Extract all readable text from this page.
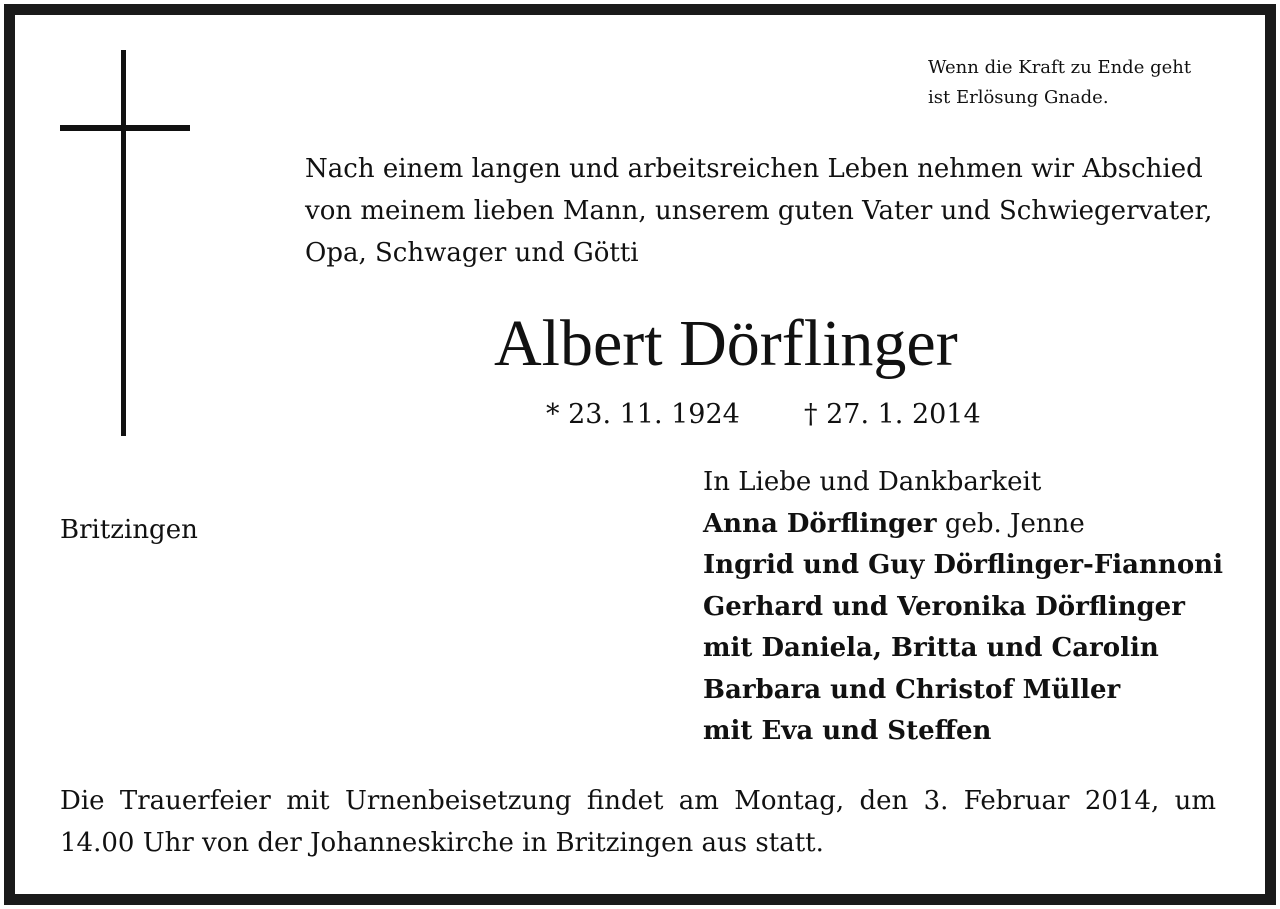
Wenn die Kraft zu Ende geht
ist Erlösung Gnade.
Nach einem langen und arbeitsreichen Leben nehmen wir Abschied
von meinem lieben Mann, unserem guten Vater und Schwiegervater,
Opa, Schwager und Götti
Albert Dörflinger
* 23. 11. 1924 † 27. 1. 2014
Britzingen
In Liebe und Dankbarkeit
Anna Dörflinger geb. Jenne
Ingrid und Guy Dörflinger-Fiannoni
Gerhard und Veronika Dörflinger
mit Daniela, Britta und Carolin
Barbara und Christof Müller
mit Eva und Steffen
Die Trauerfeier mit Urnenbeisetzung findet am Montag, den 3. Februar 2014, um
14.00 Uhr von der Johanneskirche in Britzingen aus statt.
